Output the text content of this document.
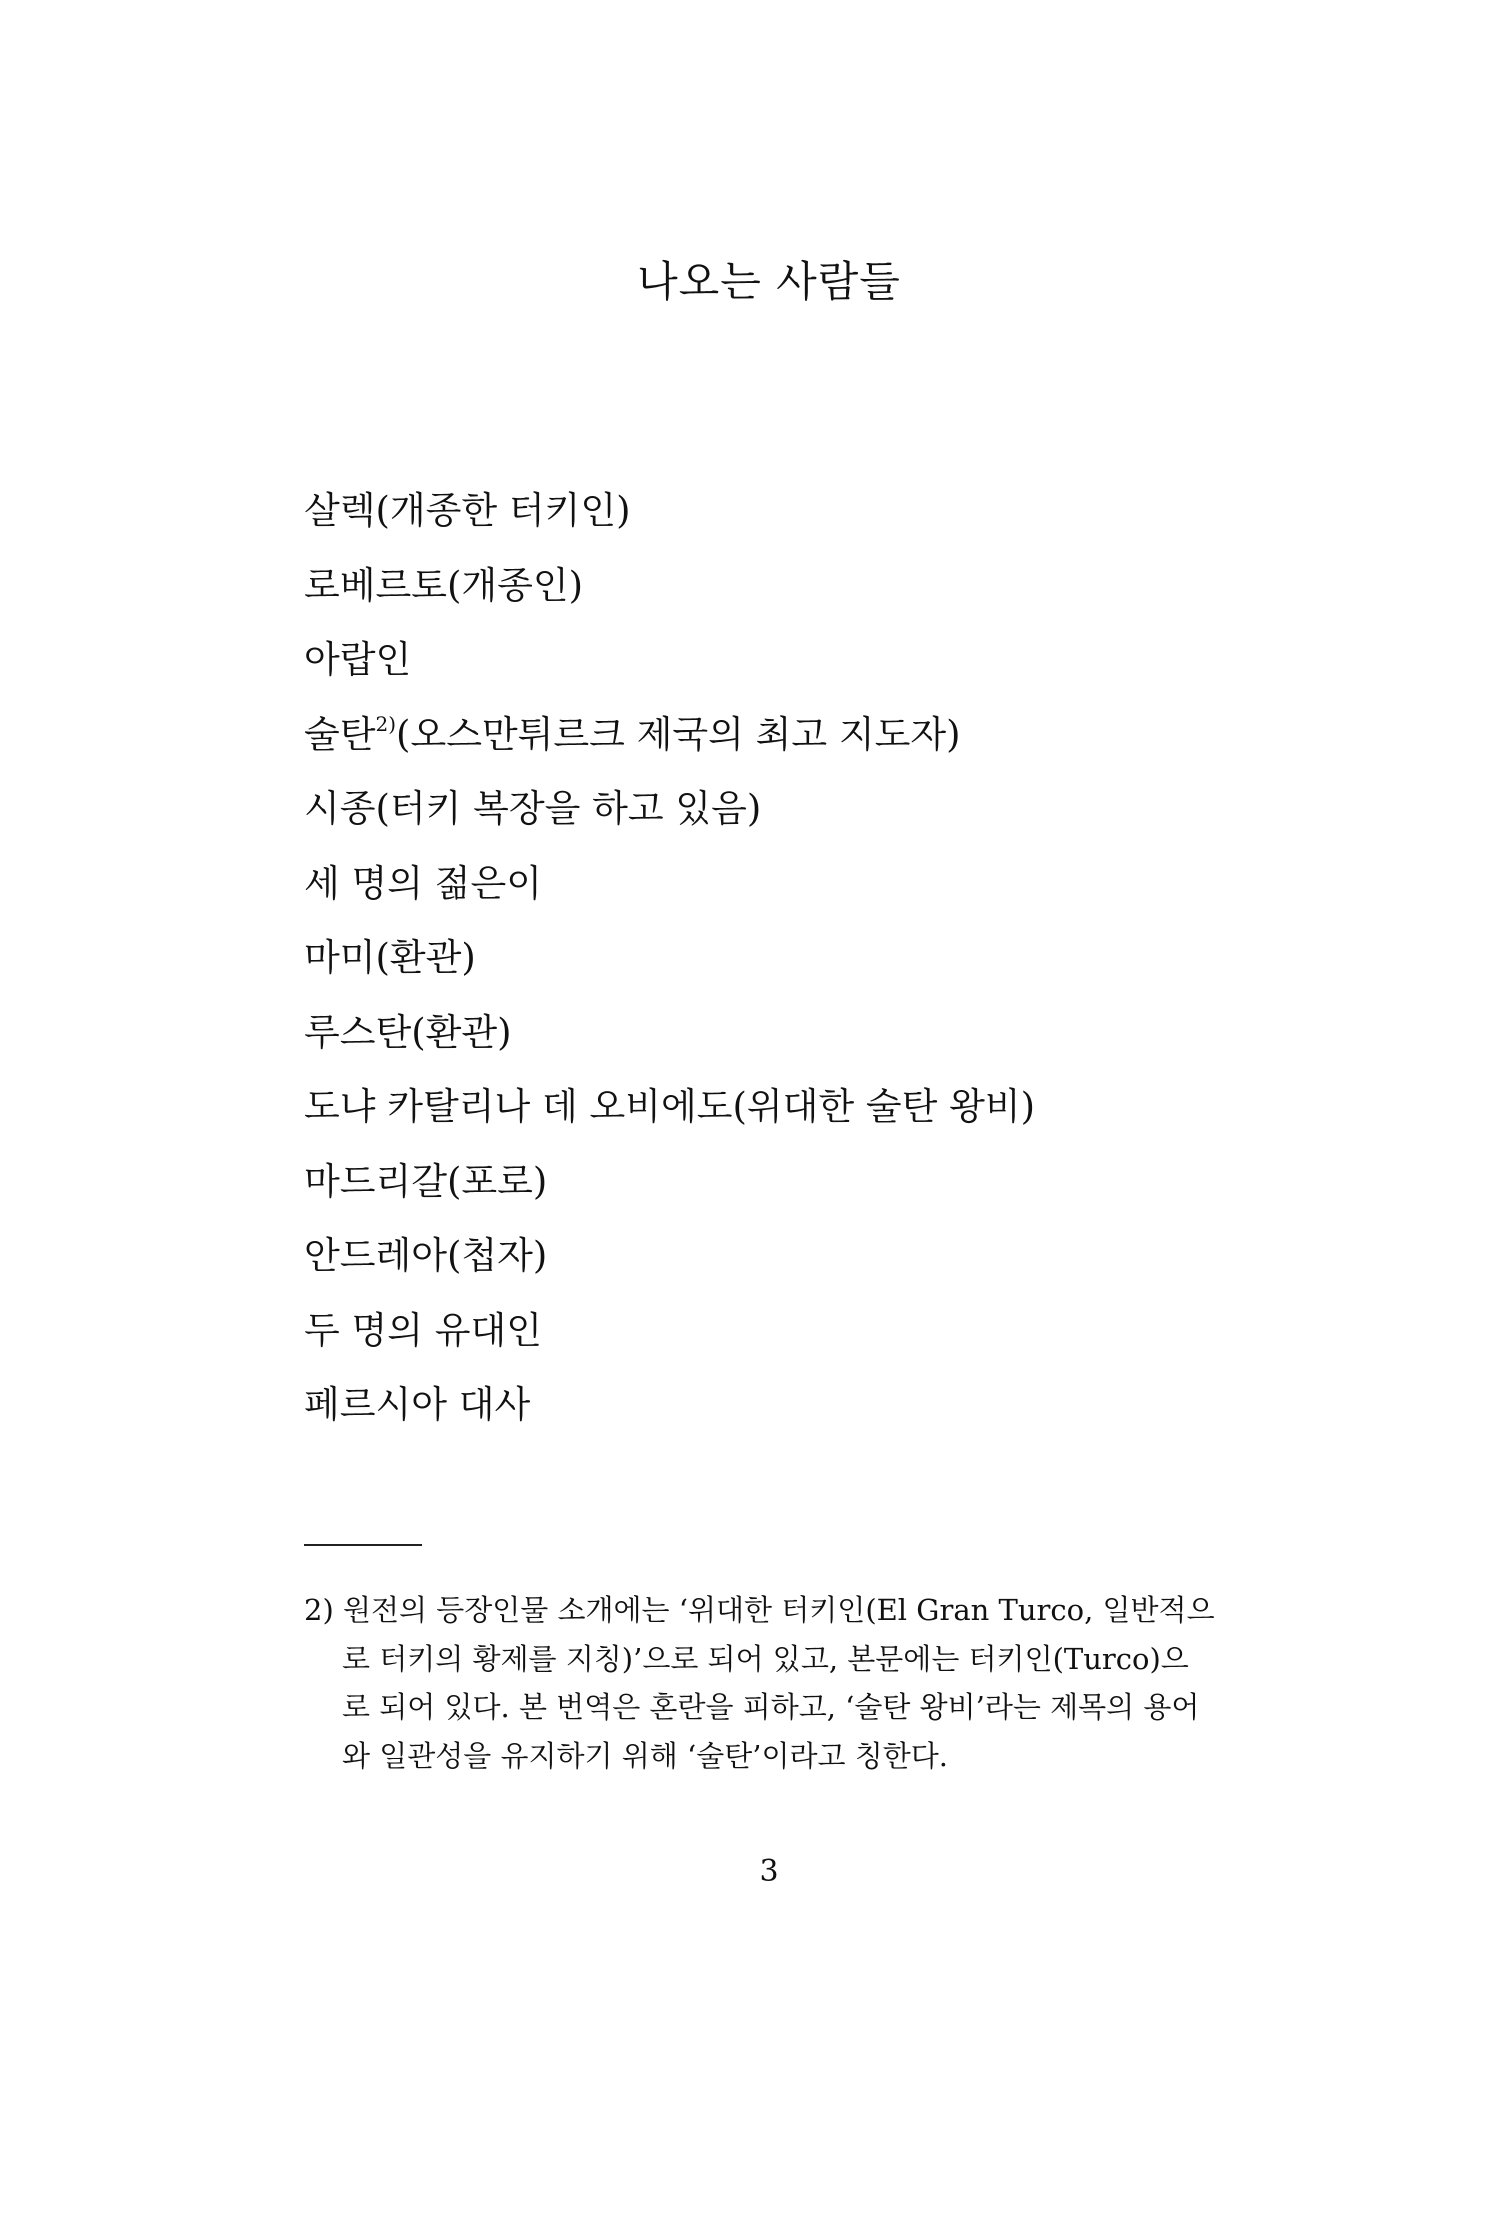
나오는 사람들
살렉(개종한 터키인)
로베르토(개종인)
아랍인
술탄$^{2)}$(오스만튀르크 제국의 최고 지도자)
시종(터키 복장을 하고 있음)
세 명의 젊은이
마미(환관)
루스탄(환관)
도냐 카탈리나 데 오비에도(위대한 술탄 왕비)
마드리갈(포로)
안드레아(첩자)
두 명의 유대인
페르시아 대사
2) 원전의 등장인물 소개에는 ‘위대한 터키인(El Gran Turco, 일반적으
로 터키의 황제를 지칭)’으로 되어 있고, 본문에는 터키인(Turco)으
로 되어 있다. 본 번역은 혼란을 피하고, ‘술탄 왕비’라는 제목의 용어
와 일관성을 유지하기 위해 ‘술탄’이라고 칭한다.
3
